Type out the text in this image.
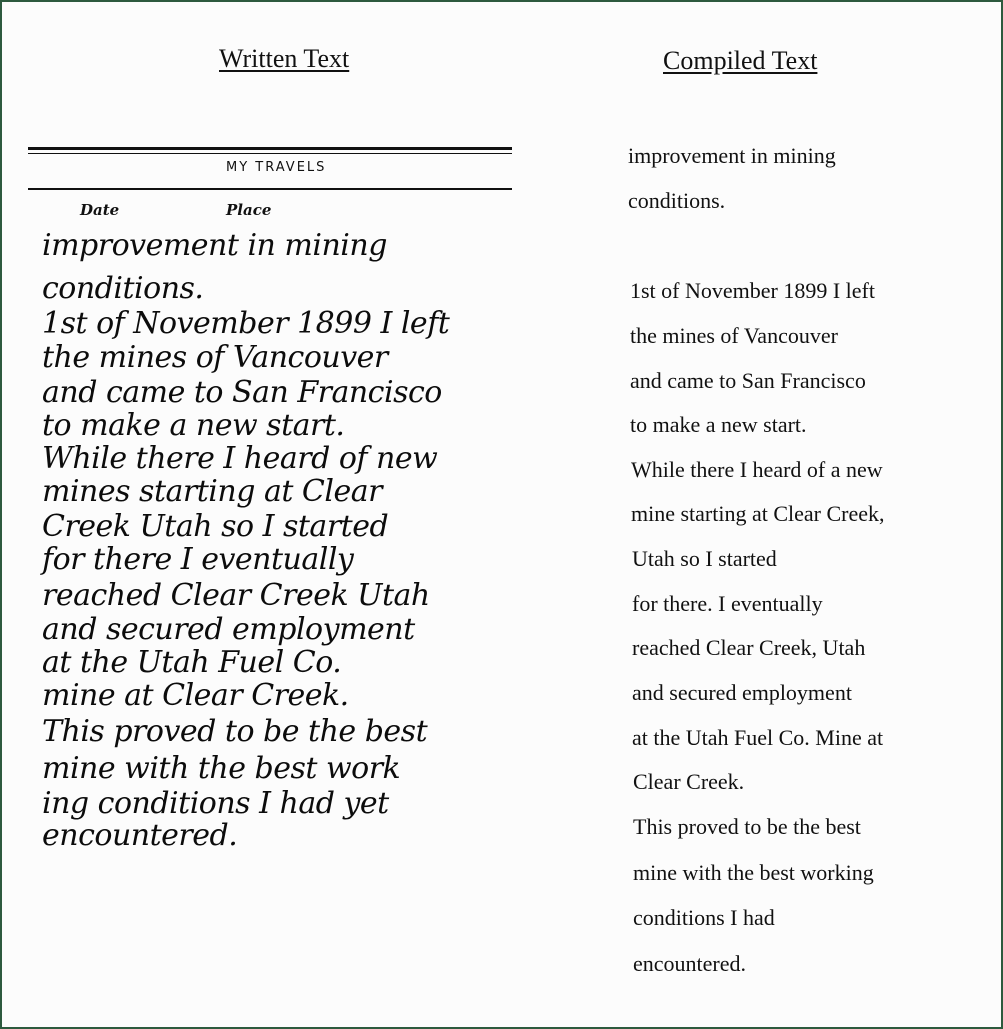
Written Text	Compiled Text
MY TRAVELS
Date	Place
improvement in mining
conditions.
1st of November 1899 I left
the mines of Vancouver
and came to San Francisco
to make a new start.
While there I heard of new
mines starting at Clear
Creek Utah so I started
for there I eventually
reached Clear Creek Utah
and secured employment
at the Utah Fuel Co.
mine at Clear Creek.
This proved to be the best
mine with the best work
ing conditions I had yet
encountered.
improvement in mining
conditions.
1st of November 1899 I left
the mines of Vancouver
and came to San Francisco
to make a new start.
While there I heard of a new
mine starting at Clear Creek,
Utah so I started
for there. I eventually
reached Clear Creek, Utah
and secured employment
at the Utah Fuel Co. Mine at
Clear Creek.
This proved to be the best
mine with the best working
conditions I had
encountered.
